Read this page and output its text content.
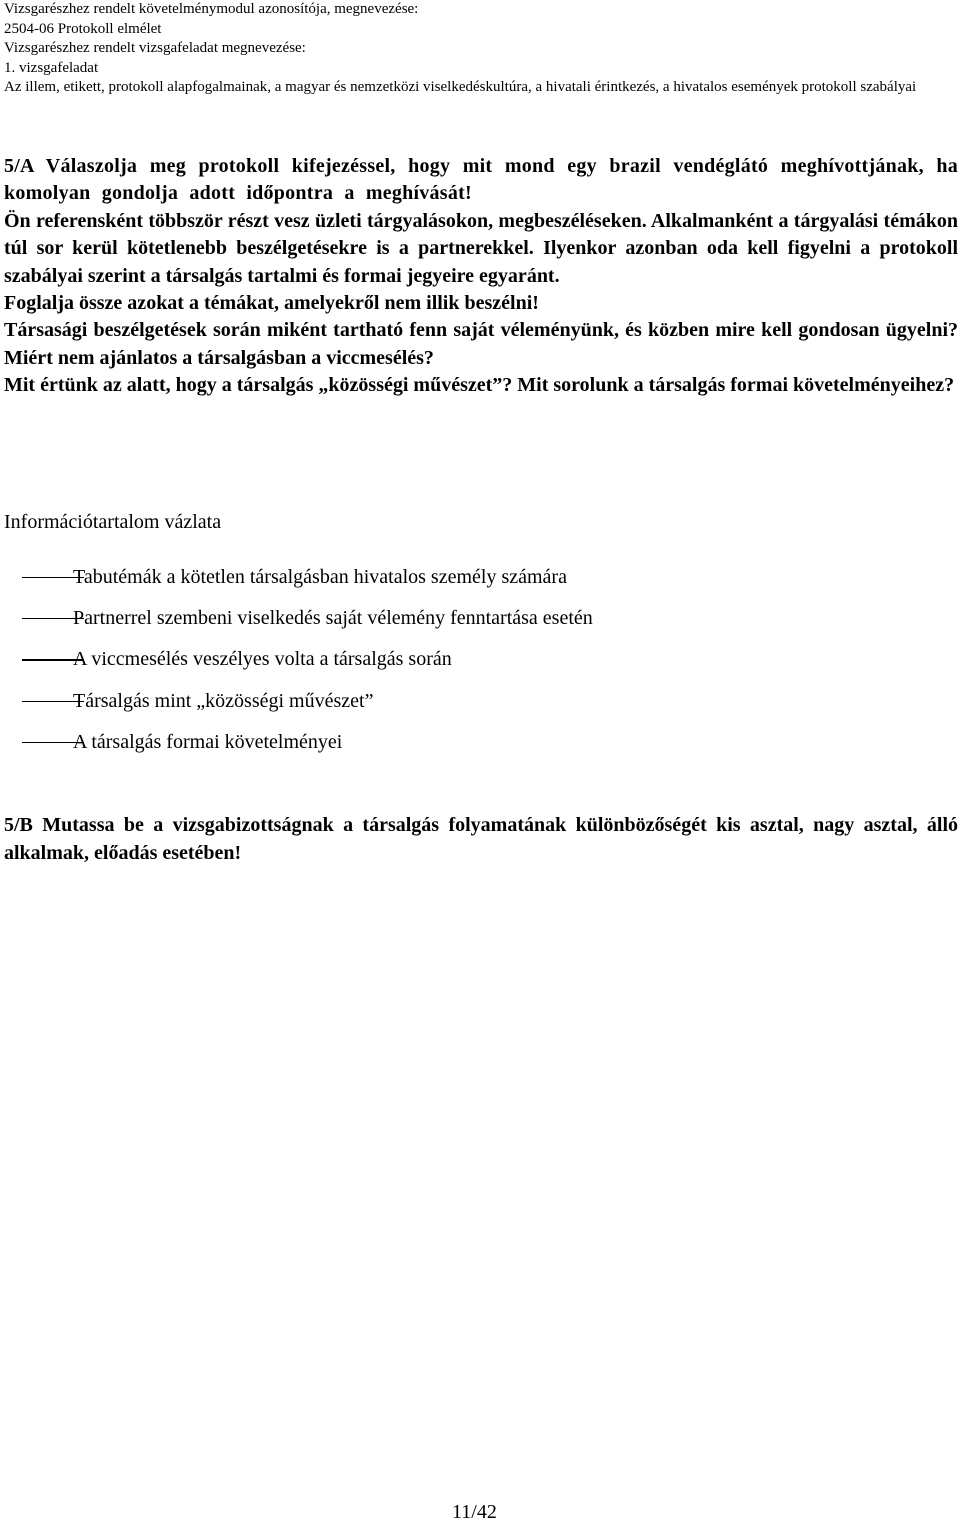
Vizsgarészhez rendelt követelménymodul azonosítója, megnevezése:
2504-06 Protokoll elmélet
Vizsgarészhez rendelt vizsgafeladat megnevezése:
1. vizsgafeladat
Az illem, etikett, protokoll alapfogalmainak, a magyar és nemzetközi viselkedéskultúra, a hivatali érintkezés, a hivatalos események protokoll szabályai

5/A Válaszolja meg protokoll kifejezéssel, hogy mit mond egy brazil vendéglátó meghívottjának, ha komolyan gondolja adott időpontra a meghívását!

Ön referensként többször részt vesz üzleti tárgyalásokon, megbeszéléseken. Alkalmanként a tárgyalási témákon túl sor kerül kötetlenebb beszélgetésekre is a partnerekkel. Ilyenkor azonban oda kell figyelni a protokoll szabályai szerint a társalgás tartalmi és formai jegyeire egyaránt.

Foglalja össze azokat a témákat, amelyekről nem illik beszélni!

Társasági beszélgetések során miként tartható fenn saját véleményünk, és közben mire kell gondosan ügyelni? Miért nem ajánlatos a társalgásban a viccmesélés?

Mit értünk az alatt, hogy a társalgás „közösségi művészet”? Mit sorolunk a társalgás formai követelményeihez?

Információtartalom vázlata
Tabutémák a kötetlen társalgásban hivatalos személy számára
Partnerrel szembeni viselkedés saját vélemény fenntartása esetén
A viccmesélés veszélyes volta a társalgás során
Társalgás mint „közösségi művészet”
A társalgás formai követelményei

5/B Mutassa be a vizsgabizottságnak a társalgás folyamatának különbözőségét kis asztal, nagy asztal, álló alkalmak, előadás esetében!

11/42
